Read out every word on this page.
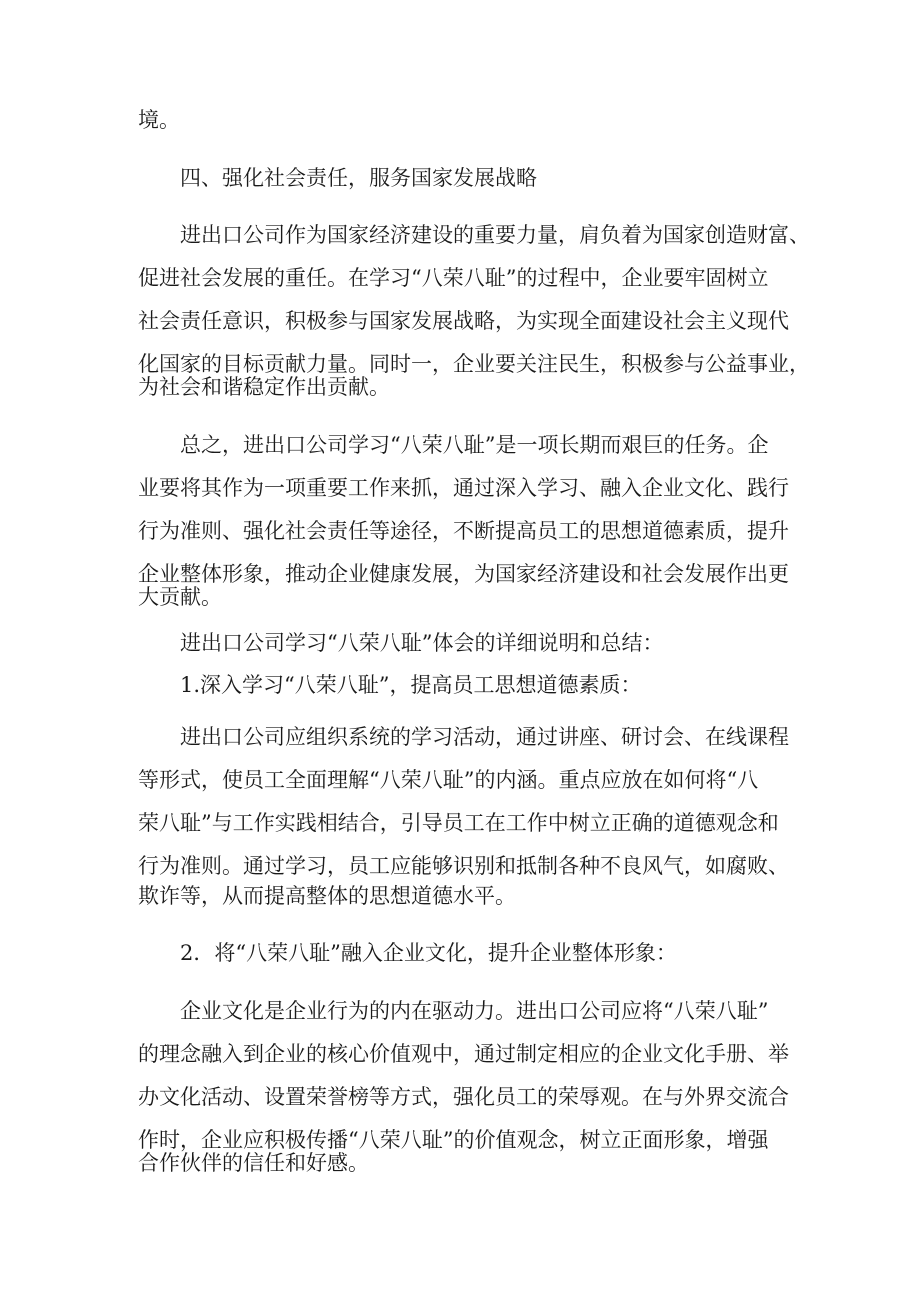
境。

四、强化社会责任，服务国家发展战略

进出口公司作为国家经济建设的重要力量，肩负着为国家创造财富、

促进社会发展的重任。在学习“八荣八耻”的过程中，企业要牢固树立

社会责任意识，积极参与国家发展战略，为实现全面建设社会主义现代

化国家的目标贡献力量。同时一，企业要关注民生，积极参与公益事业，

为社会和谐稳定作出贡献。

总之，进出口公司学习“八荣八耻”是一项长期而艰巨的任务。企

业要将其作为一项重要工作来抓，通过深入学习、融入企业文化、践行

行为准则、强化社会责任等途径，不断提高员工的思想道德素质，提升

企业整体形象，推动企业健康发展，为国家经济建设和社会发展作出更

大贡献。

进出口公司学习“八荣八耻”体会的详细说明和总结：

1.深入学习“八荣八耻”，提高员工思想道德素质：

进出口公司应组织系统的学习活动，通过讲座、研讨会、在线课程

等形式，使员工全面理解“八荣八耻”的内涵。重点应放在如何将“八

荣八耻”与工作实践相结合，引导员工在工作中树立正确的道德观念和

行为准则。通过学习，员工应能够识别和抵制各种不良风气，如腐败、

欺诈等，从而提高整体的思想道德水平。

2．将“八荣八耻”融入企业文化，提升企业整体形象：

企业文化是企业行为的内在驱动力。进出口公司应将“八荣八耻”

的理念融入到企业的核心价值观中，通过制定相应的企业文化手册、举

办文化活动、设置荣誉榜等方式，强化员工的荣辱观。在与外界交流合

作时，企业应积极传播“八荣八耻”的价值观念，树立正面形象，增强

合作伙伴的信任和好感。
